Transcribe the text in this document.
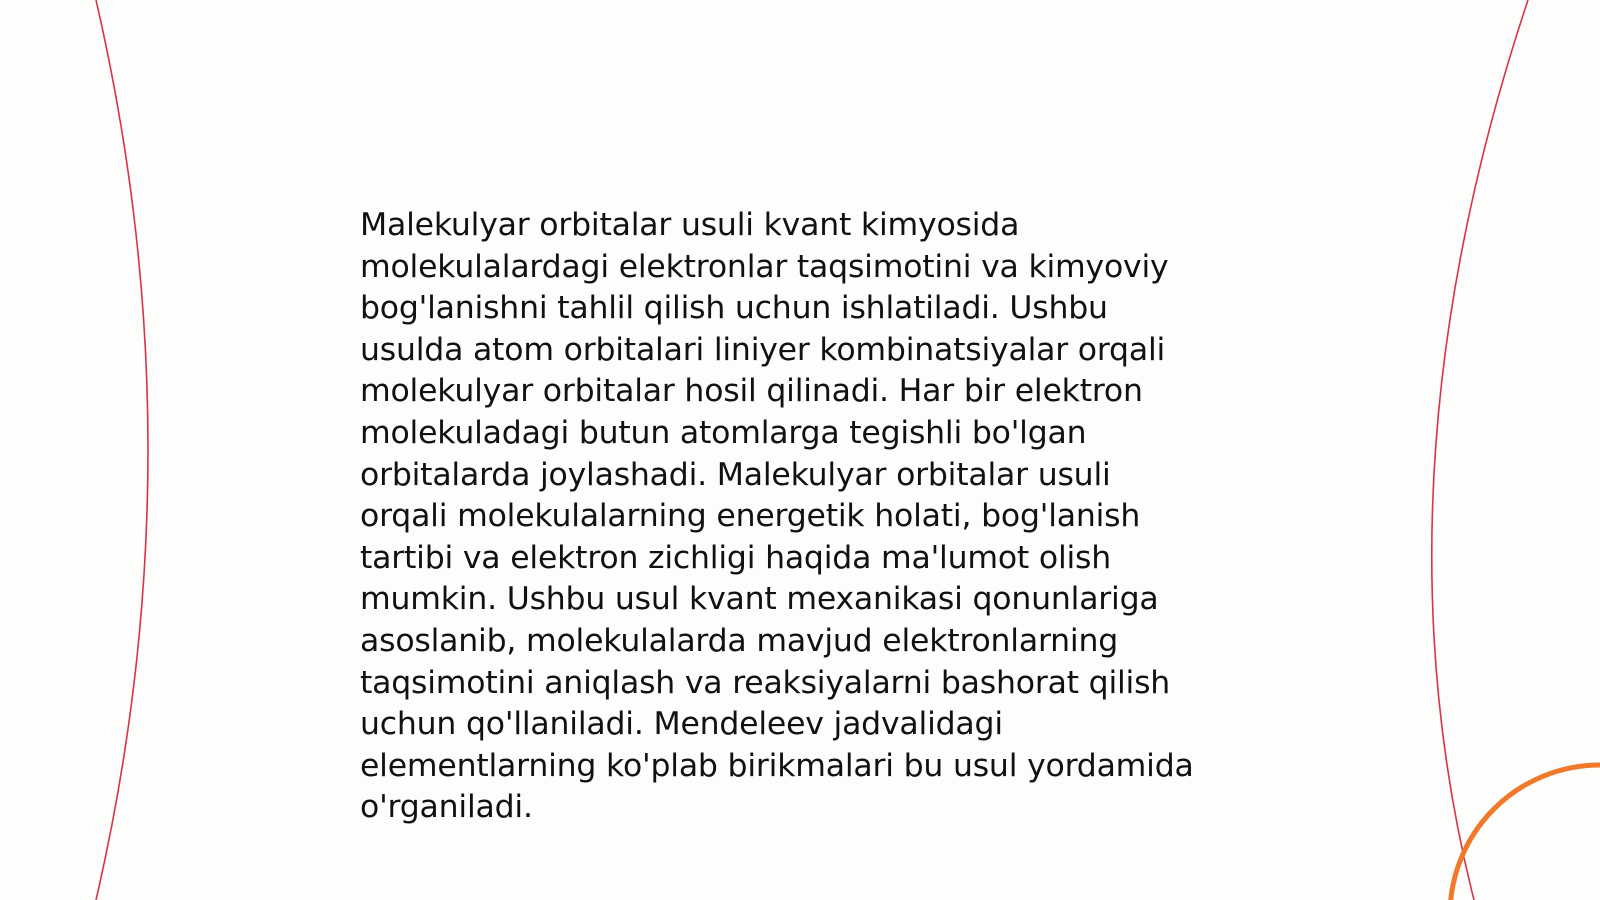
Malekulyar orbitalar usuli kvant kimyosida
molekulalardagi elektronlar taqsimotini va kimyoviy
bog'lanishni tahlil qilish uchun ishlatiladi. Ushbu
usulda atom orbitalari liniyer kombinatsiyalar orqali
molekulyar orbitalar hosil qilinadi. Har bir elektron
molekuladagi butun atomlarga tegishli bo'lgan
orbitalarda joylashadi. Malekulyar orbitalar usuli
orqali molekulalarning energetik holati, bog'lanish
tartibi va elektron zichligi haqida ma'lumot olish
mumkin. Ushbu usul kvant mexanikasi qonunlariga
asoslanib, molekulalarda mavjud elektronlarning
taqsimotini aniqlash va reaksiyalarni bashorat qilish
uchun qo'llaniladi. Mendeleev jadvalidagi
elementlarning ko'plab birikmalari bu usul yordamida
o'rganiladi.
